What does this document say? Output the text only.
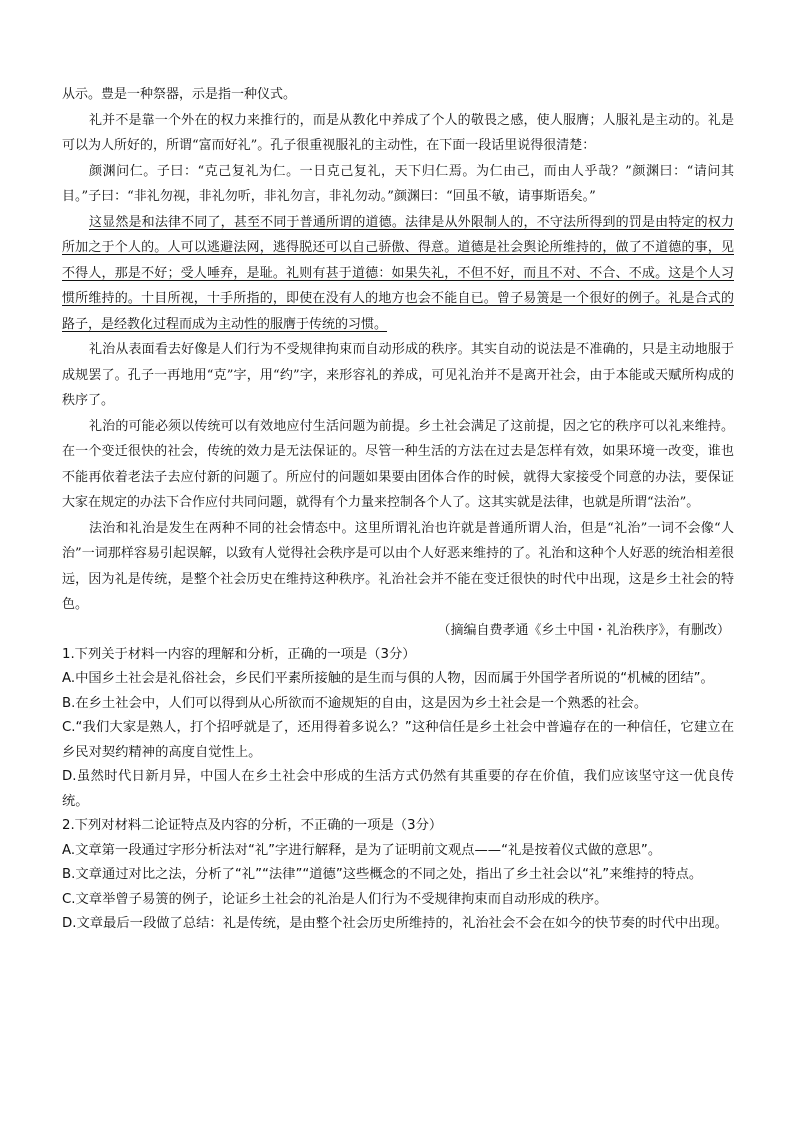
从示。豊是一种祭器，示是指一种仪式。

礼并不是靠一个外在的权力来推行的，而是从教化中养成了个人的敬畏之感，使人服膺；人服礼是主动的。礼是可以为人所好的，所谓“富而好礼”。孔子很重视服礼的主动性，在下面一段话里说得很清楚：

颜渊问仁。子曰：“克己复礼为仁。一日克己复礼，天下归仁焉。为仁由己，而由人乎哉？”颜渊曰：“请问其目。”子曰：“非礼勿视，非礼勿听，非礼勿言，非礼勿动。”颜渊曰：“回虽不敏，请事斯语矣。”

这显然是和法律不同了，甚至不同于普通所谓的道德。法律是从外限制人的，不守法所得到的罚是由特定的权力所加之于个人的。人可以逃避法网，逃得脱还可以自己骄傲、得意。道德是社会舆论所维持的，做了不道德的事，见不得人，那是不好；受人唾弃，是耻。礼则有甚于道德：如果失礼，不但不好，而且不对、不合、不成。这是个人习惯所维持的。十目所视，十手所指的，即使在没有人的地方也会不能自已。曾子易箦是一个很好的例子。礼是合式的路子，是经教化过程而成为主动性的服膺于传统的习惯。

礼治从表面看去好像是人们行为不受规律拘束而自动形成的秩序。其实自动的说法是不准确的，只是主动地服于成规罢了。孔子一再地用“克”字，用“约”字，来形容礼的养成，可见礼治并不是离开社会，由于本能或天赋所构成的秩序了。

礼治的可能必须以传统可以有效地应付生活问题为前提。乡土社会满足了这前提，因之它的秩序可以礼来维持。在一个变迁很快的社会，传统的效力是无法保证的。尽管一种生活的方法在过去是怎样有效，如果环境一改变，谁也不能再依着老法子去应付新的问题了。所应付的问题如果要由团体合作的时候，就得大家接受个同意的办法，要保证大家在规定的办法下合作应付共同问题，就得有个力量来控制各个人了。这其实就是法律，也就是所谓“法治”。

法治和礼治是发生在两种不同的社会情态中。这里所谓礼治也许就是普通所谓人治，但是“礼治”一词不会像“人治”一词那样容易引起误解，以致有人觉得社会秩序是可以由个人好恶来维持的了。礼治和这种个人好恶的统治相差很远，因为礼是传统，是整个社会历史在维持这种秩序。礼治社会并不能在变迁很快的时代中出现，这是乡土社会的特色。

（摘编自费孝通《乡土中国・礼治秩序》，有删改）

1.下列关于材料一内容的理解和分析，正确的一项是（3分）

A.中国乡土社会是礼俗社会，乡民们平素所接触的是生而与俱的人物，因而属于外国学者所说的“机械的团结”。

B.在乡土社会中，人们可以得到从心所欲而不逾规矩的自由，这是因为乡土社会是一个熟悉的社会。

C.“我们大家是熟人，打个招呼就是了，还用得着多说么？”这种信任是乡土社会中普遍存在的一种信任，它建立在乡民对契约精神的高度自觉性上。

D.虽然时代日新月异，中国人在乡土社会中形成的生活方式仍然有其重要的存在价值，我们应该坚守这一优良传统。

2.下列对材料二论证特点及内容的分析，不正确的一项是（3分）

A.文章第一段通过字形分析法对“礼”字进行解释，是为了证明前文观点——“礼是按着仪式做的意思”。

B.文章通过对比之法，分析了“礼”“法律”“道德”这些概念的不同之处，指出了乡土社会以“礼”来维持的特点。

C.文章举曾子易箦的例子，论证乡土社会的礼治是人们行为不受规律拘束而自动形成的秩序。

D.文章最后一段做了总结：礼是传统，是由整个社会历史所维持的，礼治社会不会在如今的快节奏的时代中出现。
